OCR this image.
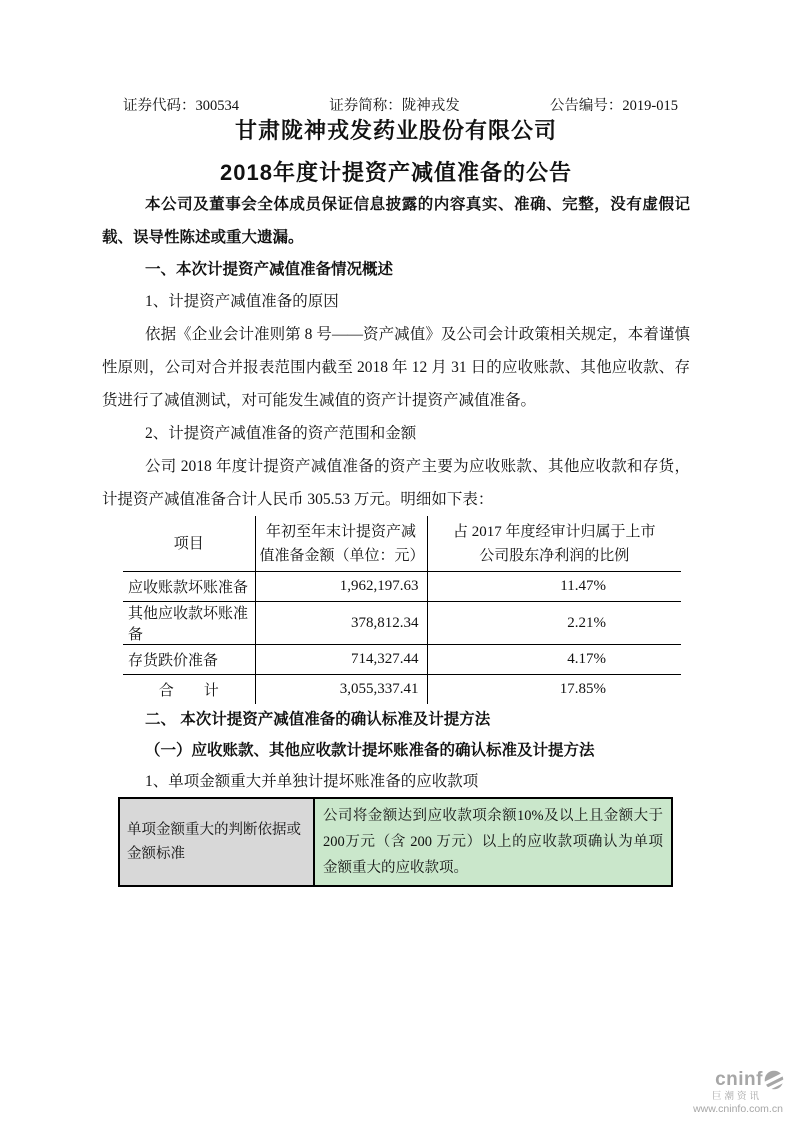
证券代码：300534	证券简称：陇神戎发	公告编号：2019-015
甘肃陇神戎发药业股份有限公司
2018年度计提资产减值准备的公告

本公司及董事会全体成员保证信息披露的内容真实、准确、完整，没有虚假记载、误导性陈述或重大遗漏。

一、本次计提资产减值准备情况概述

1、计提资产减值准备的原因

依据《企业会计准则第 8 号——资产减值》及公司会计政策相关规定，本着谨慎性原则，公司对合并报表范围内截至 2018 年 12 月 31 日的应收账款、其他应收款、存货进行了减值测试，对可能发生减值的资产计提资产减值准备。

2、计提资产减值准备的资产范围和金额

公司 2018 年度计提资产减值准备的资产主要为应收账款、其他应收款和存货，计提资产减值准备合计人民币 305.53 万元。明细如下表：

项目	年初至年末计提资产减值准备金额（单位：元）	占 2017 年度经审计归属于上市公司股东净利润的比例
应收账款坏账准备	1,962,197.63	11.47%
其他应收款坏账准备	378,812.34	2.21%
存货跌价准备	714,327.44	4.17%
合　　计	3,055,337.41	17.85%
二、 本次计提资产减值准备的确认标准及计提方法
（一）应收账款、其他应收款计提坏账准备的确认标准及计提方法

1、单项金额重大并单独计提坏账准备的应收款项

单项金额重大的判断依据或金额标准	公司将金额达到应收款项余额10%及以上且金额大于200万元（含 200 万元）以上的应收款项确认为单项金额重大的应收款项。
cninf
巨潮资讯
www.cninfo.com.cn
